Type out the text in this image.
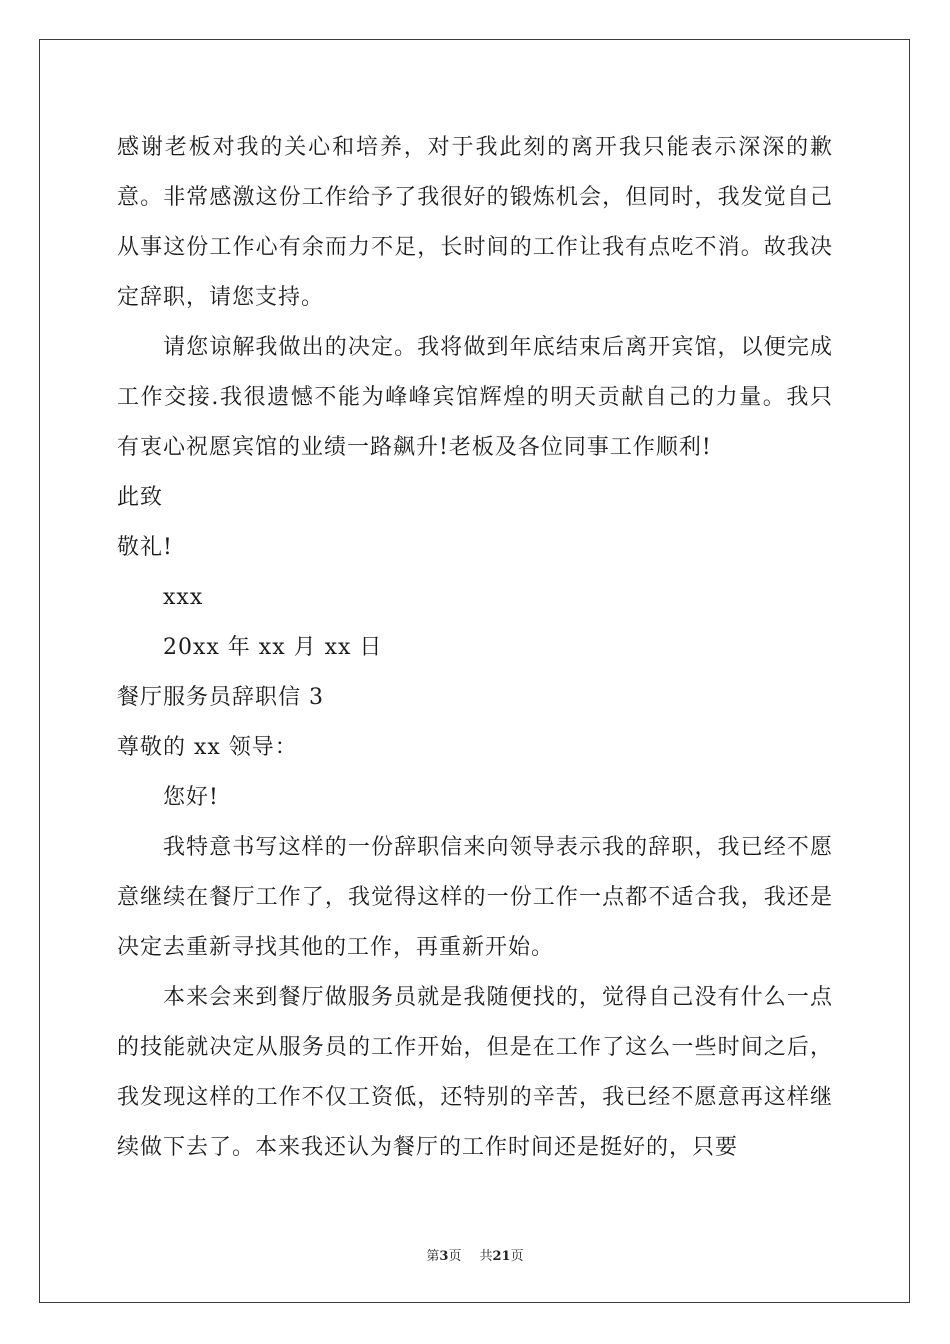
感谢老板对我的关心和培养，对于我此刻的离开我只能表示深深的歉意。非常感激这份工作给予了我很好的锻炼机会，但同时，我发觉自己从事这份工作心有余而力不足，长时间的工作让我有点吃不消。故我决定辞职，请您支持。

请您谅解我做出的决定。我将做到年底结束后离开宾馆，以便完成工作交接.我很遗憾不能为峰峰宾馆辉煌的明天贡献自己的力量。我只有衷心祝愿宾馆的业绩一路飙升!老板及各位同事工作顺利!

此致

敬礼!

xxx

20xx 年 xx 月 xx 日

餐厅服务员辞职信 3

尊敬的 xx 领导：

您好!

我特意书写这样的一份辞职信来向领导表示我的辞职，我已经不愿意继续在餐厅工作了，我觉得这样的一份工作一点都不适合我，我还是决定去重新寻找其他的工作，再重新开始。

本来会来到餐厅做服务员就是我随便找的，觉得自己没有什么一点的技能就决定从服务员的工作开始，但是在工作了这么一些时间之后，我发现这样的工作不仅工资低，还特别的辛苦，我已经不愿意再这样继续做下去了。本来我还认为餐厅的工作时间还是挺好的，只要

第3页 共21页
